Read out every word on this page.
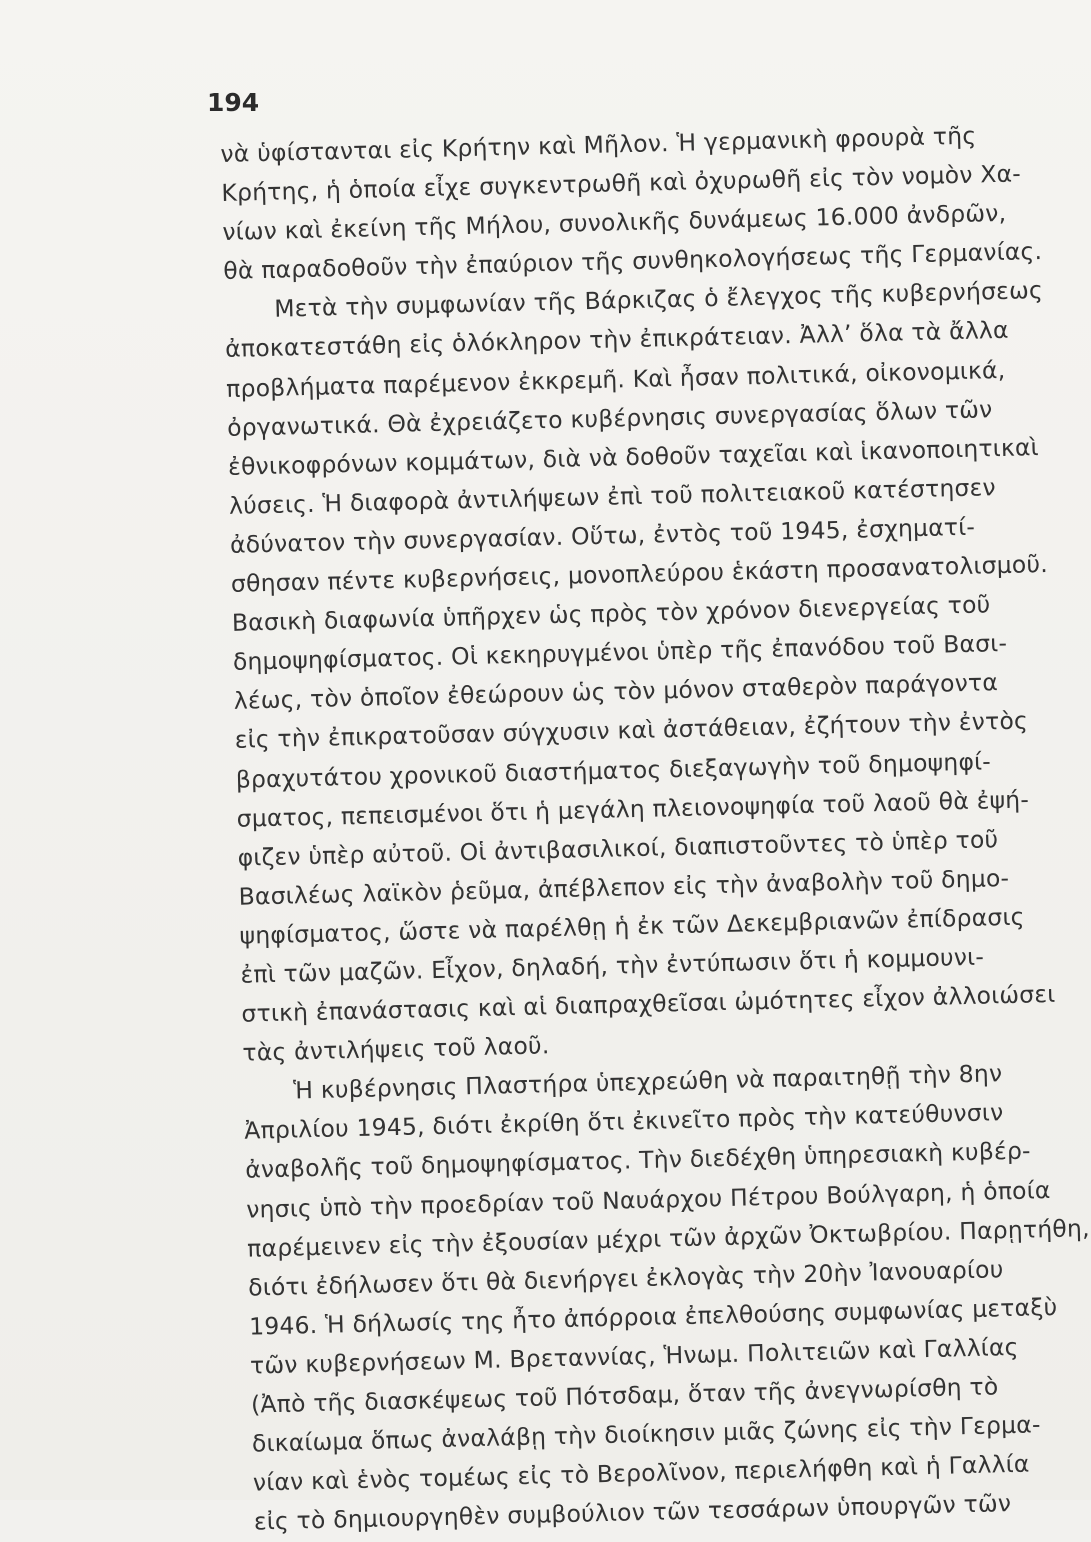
194
νὰ ὑφίστανται εἰς Κρήτην καὶ Μῆλον. Ἡ γερμανικὴ φρουρὰ τῆς
Κρήτης, ἡ ὁποία εἶχε συγκεντρωθῆ καὶ ὀχυρωθῆ εἰς τὸν νομὸν Χα-
νίων καὶ ἐκείνη τῆς Μήλου, συνολικῆς δυνάμεως 16.000 ἀνδρῶν,
θὰ παραδοθοῦν τὴν ἐπαύριον τῆς συνθηκολογήσεως τῆς Γερμανίας.
Μετὰ τὴν συμφωνίαν τῆς Βάρκιζας ὁ ἔλεγχος τῆς κυβερνήσεως
ἀποκατεστάθη εἰς ὁλόκληρον τὴν ἐπικράτειαν. Ἀλλ’ ὅλα τὰ ἄλλα
προβλήματα παρέμενον ἐκκρεμῆ. Καὶ ἦσαν πολιτικά, οἰκονομικά,
ὀργανωτικά. Θὰ ἐχρειάζετο κυβέρνησις συνεργασίας ὅλων τῶν
ἐθνικοφρόνων κομμάτων, διὰ νὰ δοθοῦν ταχεῖαι καὶ ἱκανοποιητικαὶ
λύσεις. Ἡ διαφορὰ ἀντιλήψεων ἐπὶ τοῦ πολιτειακοῦ κατέστησεν
ἀδύνατον τὴν συνεργασίαν. Οὕτω, ἐντὸς τοῦ 1945, ἐσχηματί-
σθησαν πέντε κυβερνήσεις, μονοπλεύρου ἑκάστη προσανατολισμοῦ.
Βασικὴ διαφωνία ὑπῆρχεν ὡς πρὸς τὸν χρόνον διενεργείας τοῦ
δημοψηφίσματος. Οἱ κεκηρυγμένοι ὑπὲρ τῆς ἐπανόδου τοῦ Βασι-
λέως, τὸν ὁποῖον ἐθεώρουν ὡς τὸν μόνον σταθερὸν παράγοντα
εἰς τὴν ἐπικρατοῦσαν σύγχυσιν καὶ ἀστάθειαν, ἐζήτουν τὴν ἐντὸς
βραχυτάτου χρονικοῦ διαστήματος διεξαγωγὴν τοῦ δημοψηφί-
σματος, πεπεισμένοι ὅτι ἡ μεγάλη πλειονοψηφία τοῦ λαοῦ θὰ ἐψή-
φιζεν ὑπὲρ αὐτοῦ. Οἱ ἀντιβασιλικοί, διαπιστοῦντες τὸ ὑπὲρ τοῦ
Βασιλέως λαϊκὸν ῥεῦμα, ἀπέβλεπον εἰς τὴν ἀναβολὴν τοῦ δημο-
ψηφίσματος, ὥστε νὰ παρέλθῃ ἡ ἐκ τῶν Δεκεμβριανῶν ἐπίδρασις
ἐπὶ τῶν μαζῶν. Εἶχον, δηλαδή, τὴν ἐντύπωσιν ὅτι ἡ κομμουνι-
στικὴ ἐπανάστασις καὶ αἱ διαπραχθεῖσαι ὠμότητες εἶχον ἀλλοιώσει
τὰς ἀντιλήψεις τοῦ λαοῦ.
Ἡ κυβέρνησις Πλαστήρα ὑπεχρεώθη νὰ παραιτηθῇ τὴν 8ην
Ἀπριλίου 1945, διότι ἐκρίθη ὅτι ἐκινεῖτο πρὸς τὴν κατεύθυνσιν
ἀναβολῆς τοῦ δημοψηφίσματος. Τὴν διεδέχθη ὑπηρεσιακὴ κυβέρ-
νησις ὑπὸ τὴν προεδρίαν τοῦ Ναυάρχου Πέτρου Βούλγαρη, ἡ ὁποία
παρέμεινεν εἰς τὴν ἐξουσίαν μέχρι τῶν ἀρχῶν Ὀκτωβρίου. Παρῃτήθη,
διότι ἐδήλωσεν ὅτι θὰ διενήργει ἐκλογὰς τὴν 20ὴν Ἰανουαρίου
1946. Ἡ δήλωσίς της ἦτο ἀπόρροια ἐπελθούσης συμφωνίας μεταξὺ
τῶν κυβερνήσεων Μ. Βρεταννίας, Ἡνωμ. Πολιτειῶν καὶ Γαλλίας
(Ἀπὸ τῆς διασκέψεως τοῦ Πότσδαμ, ὅταν τῆς ἀνεγνωρίσθη τὸ
δικαίωμα ὅπως ἀναλάβῃ τὴν διοίκησιν μιᾶς ζώνης εἰς τὴν Γερμα-
νίαν καὶ ἑνὸς τομέως εἰς τὸ Βερολῖνον, περιελήφθη καὶ ἡ Γαλλία
εἰς τὸ δημιουργηθὲν συμβούλιον τῶν τεσσάρων ὑπουργῶν τῶν
